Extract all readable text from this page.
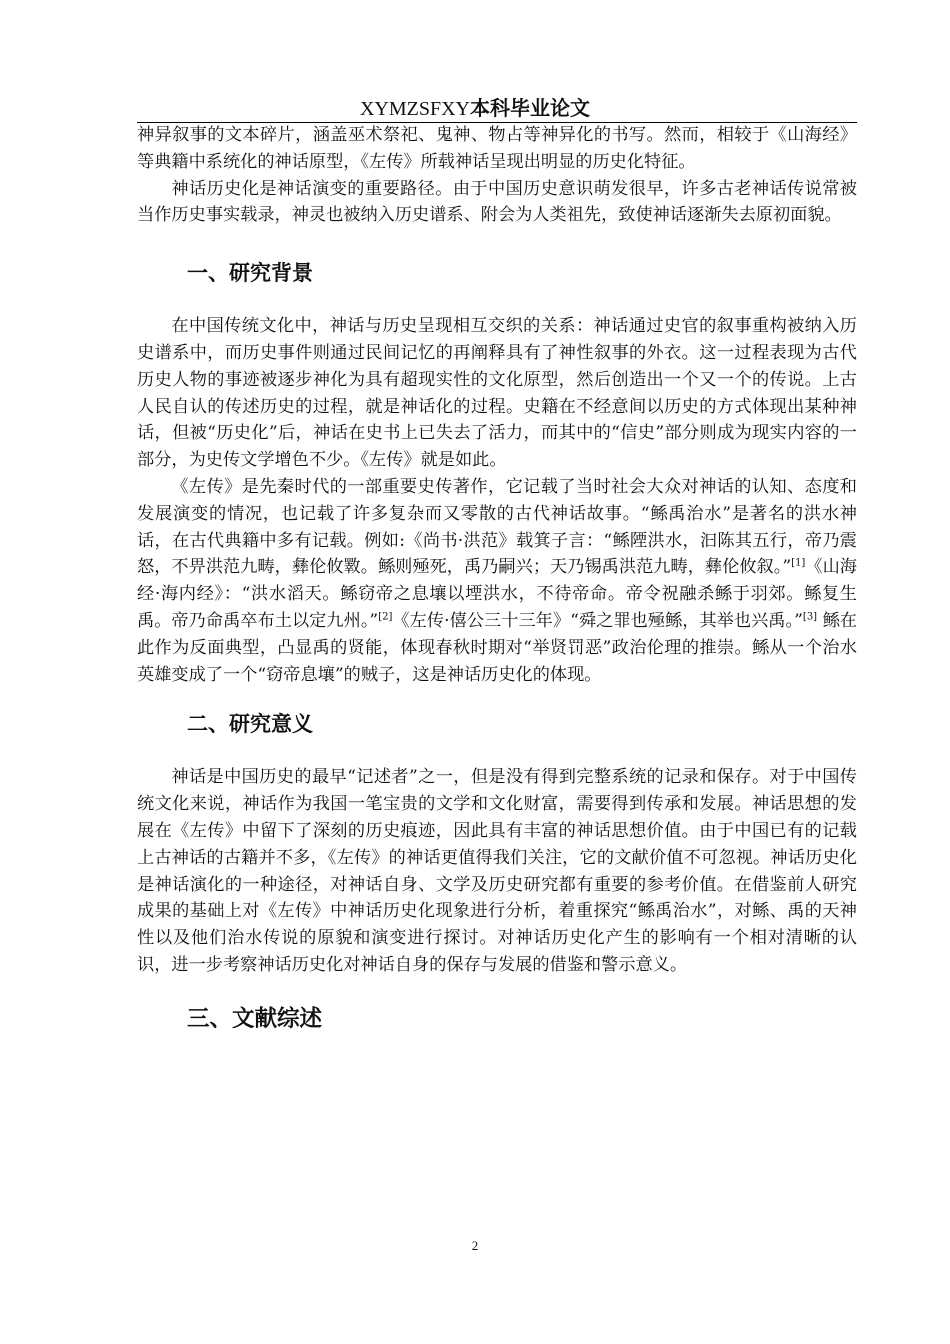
XYMZSFXY本科毕业论文

神异叙事的文本碎片，涵盖巫术祭祀、鬼神、物占等神异化的书写。然而，相较于《山海经》等典籍中系统化的神话原型，《左传》所载神话呈现出明显的历史化特征。

神话历史化是神话演变的重要路径。由于中国历史意识萌发很早，许多古老神话传说常被当作历史事实载录，神灵也被纳入历史谱系、附会为人类祖先，致使神话逐渐失去原初面貌。

一、研究背景

在中国传统文化中，神话与历史呈现相互交织的关系：神话通过史官的叙事重构被纳入历史谱系中，而历史事件则通过民间记忆的再阐释具有了神性叙事的外衣。这一过程表现为古代历史人物的事迹被逐步神化为具有超现实性的文化原型，然后创造出一个又一个的传说。上古人民自认的传述历史的过程，就是神话化的过程。史籍在不经意间以历史的方式体现出某种神话，但被“历史化”后，神话在史书上已失去了活力，而其中的“信史”部分则成为现实内容的一部分，为史传文学增色不少。《左传》就是如此。

《左传》是先秦时代的一部重要史传著作，它记载了当时社会大众对神话的认知、态度和发展演变的情况，也记载了许多复杂而又零散的古代神话故事。“鲧禹治水”是著名的洪水神话，在古代典籍中多有记载。例如:《尚书·洪范》载箕子言：“鲧陻洪水，汩陈其五行，帝乃震怒，不畀洪范九畴，彝伦攸斁。鲧则殛死，禹乃嗣兴；天乃锡禹洪范九畴，彝伦攸叙。”[1]《山海经·海内经》：“洪水滔天。鲧窃帝之息壤以堙洪水，不待帝命。帝令祝融杀鲧于羽郊。鲧复生禹。帝乃命禹卒布土以定九州。”[2]《左传·僖公三十三年》“舜之罪也殛鲧，其举也兴禹。”[3] 鲧在此作为反面典型，凸显禹的贤能，体现春秋时期对“举贤罚恶”政治伦理的推崇。鲧从一个治水英雄变成了一个“窃帝息壤”的贼子，这是神话历史化的体现。

二、研究意义

神话是中国历史的最早“记述者”之一，但是没有得到完整系统的记录和保存。对于中国传统文化来说，神话作为我国一笔宝贵的文学和文化财富，需要得到传承和发展。神话思想的发展在《左传》中留下了深刻的历史痕迹，因此具有丰富的神话思想价值。由于中国已有的记载上古神话的古籍并不多，《左传》的神话更值得我们关注，它的文献价值不可忽视。神话历史化是神话演化的一种途径，对神话自身、文学及历史研究都有重要的参考价值。在借鉴前人研究成果的基础上对《左传》中神话历史化现象进行分析，着重探究“鲧禹治水”，对鲧、禹的天神性以及他们治水传说的原貌和演变进行探讨。对神话历史化产生的影响有一个相对清晰的认识，进一步考察神话历史化对神话自身的保存与发展的借鉴和警示意义。

三、文献综述
2
